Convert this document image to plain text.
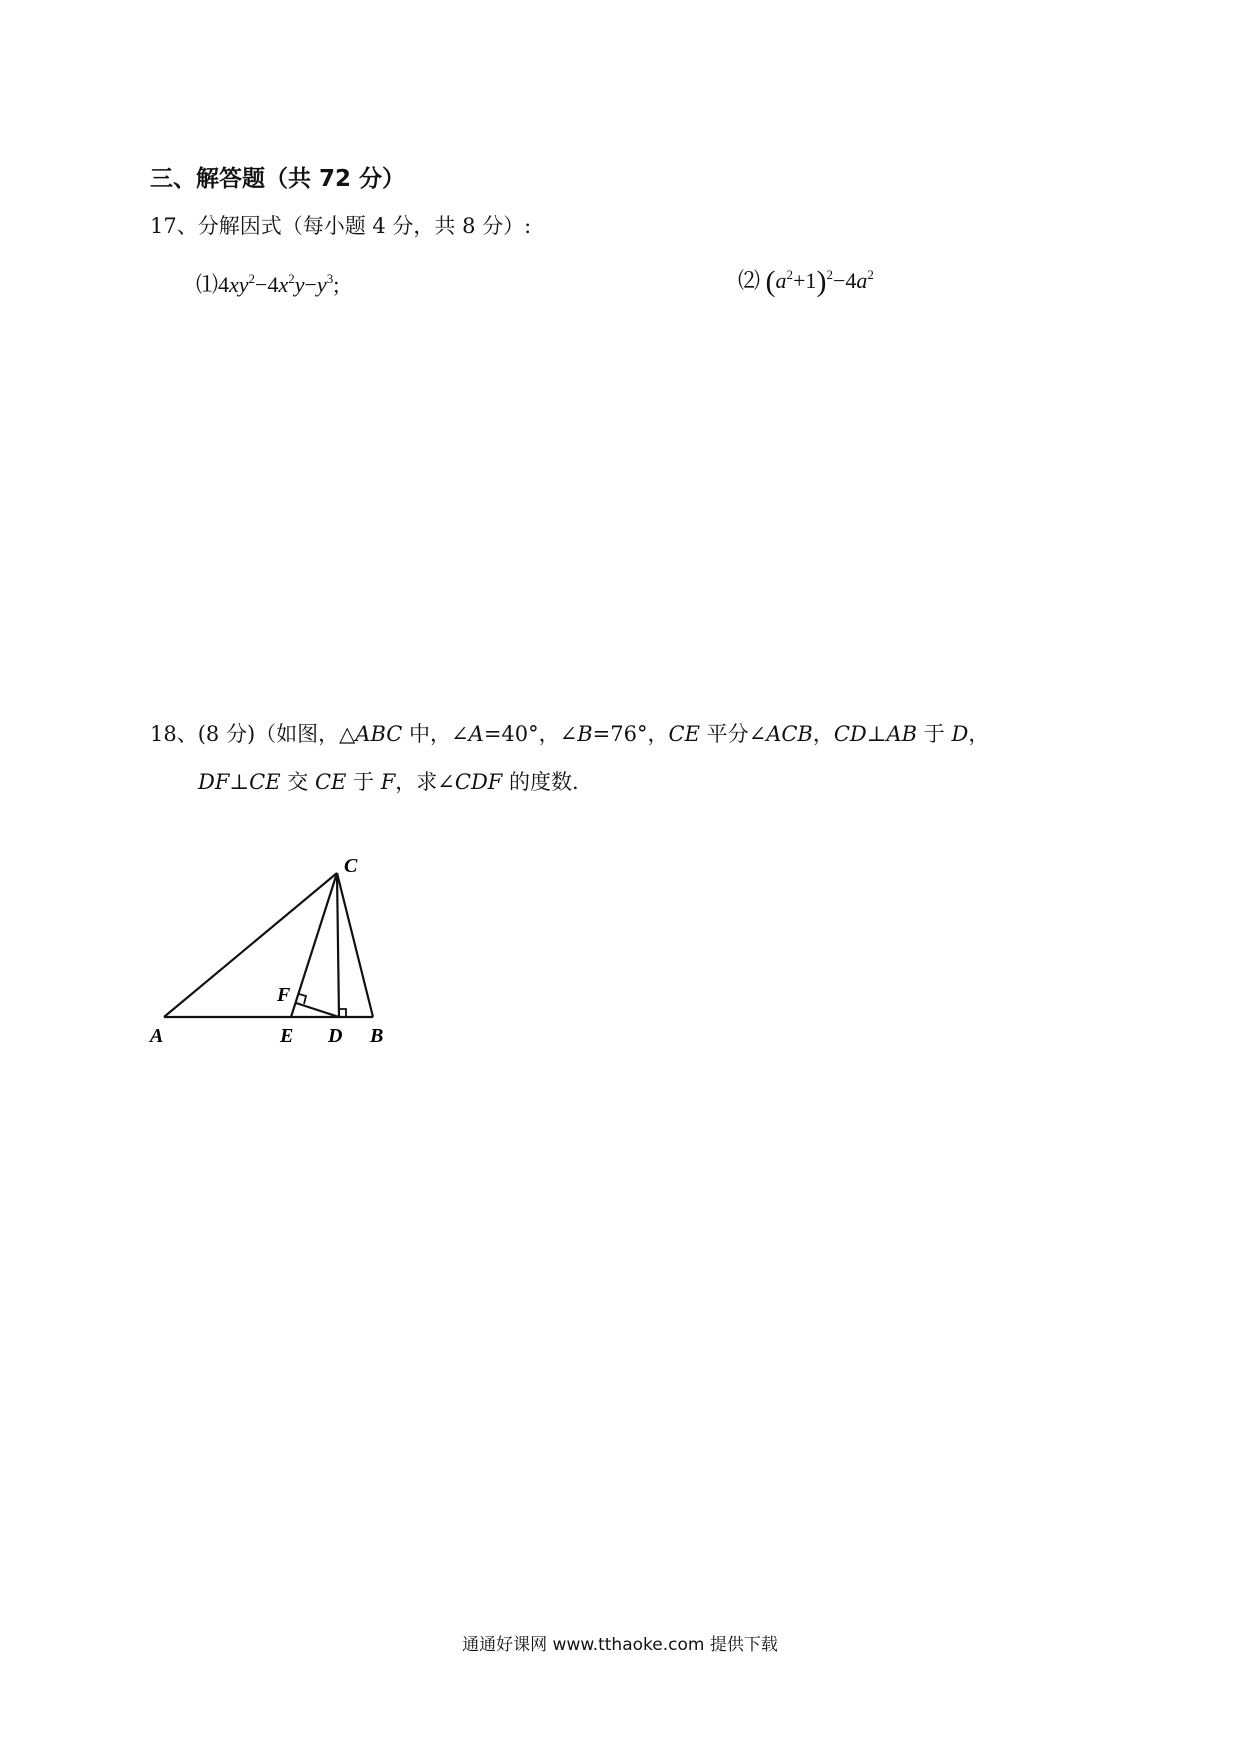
三、解答题（共 72 分）
17、分解因式（每小题 4 分，共 8 分）:
$⑴4xy^2-4x^2y-y^3$;	⑵ $(a^2+1)^2-4a^2$
18、(8 分)（如图，△ABC 中，∠A=40°，∠B=76°，CE 平分∠ACB，CD⊥AB 于 D，
DF⊥CE 交 CE 于 F，求∠CDF 的度数.
C
F
A	E D B
通通好课网 www.tthaoke.com 提供下载
